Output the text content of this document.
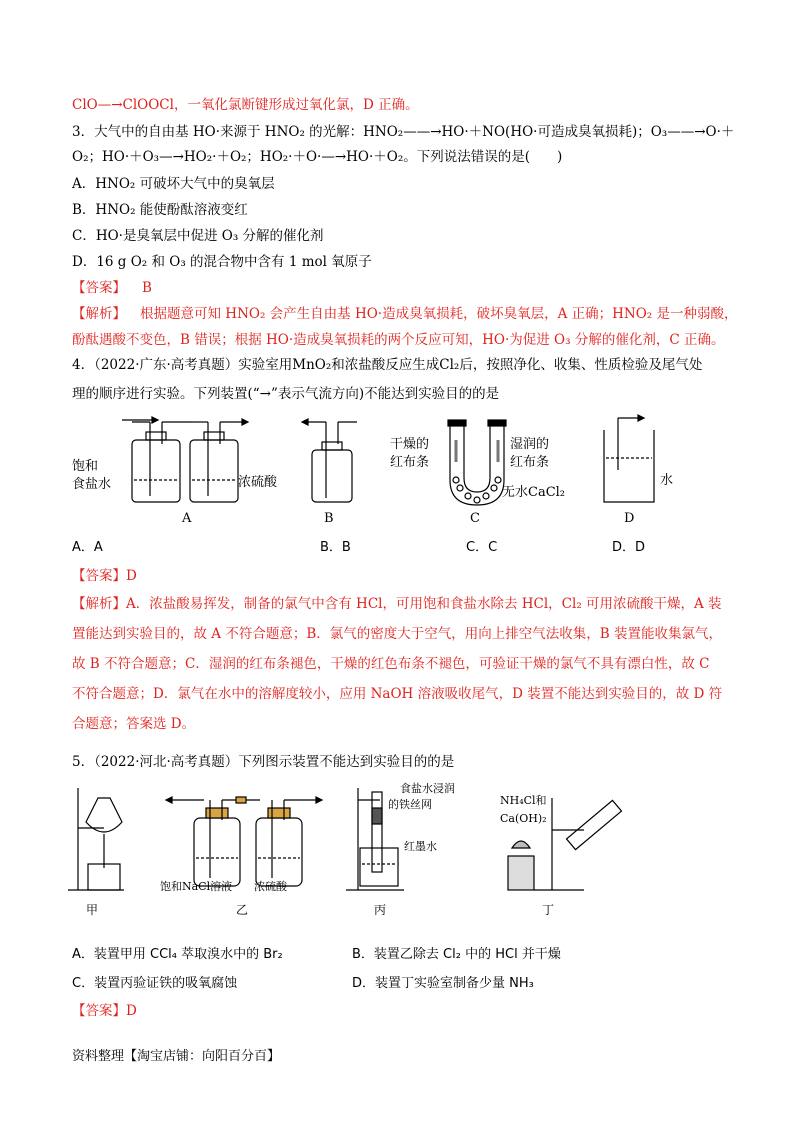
ClO—→ClOOCl，一氧化氯断键形成过氧化氯，D 正确。
3．大气中的自由基 HO·来源于 HNO₂ 的光解：HNO₂——→HO·＋NO(HO·可造成臭氧损耗)；O₃——→O·＋
O₂；HO·＋O₃—→HO₂·＋O₂；HO₂·＋O·—→HO·＋O₂。下列说法错误的是(　　)
A．HNO₂ 可破坏大气中的臭氧层
B．HNO₂ 能使酚酞溶液变红
C．HO·是臭氧层中促进 O₃ 分解的催化剂
D．16 g O₂ 和 O₃ 的混合物中含有 1 mol 氧原子
【答案】 B
【解析】 根据题意可知 HNO₂ 会产生自由基 HO·造成臭氧损耗，破坏臭氧层，A 正确；HNO₂ 是一种弱酸，
酚酞遇酸不变色，B 错误；根据 HO·造成臭氧损耗的两个反应可知，HO·为促进 O₃ 分解的催化剂，C 正确。
4．（2022·广东·高考真题）实验室用MnO₂和浓盐酸反应生成Cl₂后，按照净化、收集、性质检验及尾气处
理的顺序进行实验。下列装置(“→”表示气流方向)不能达到实验目的的是
饱和
食盐水	浓硫酸
A	B
干燥的
红布条
湿润的
红布条
无水CaCl₂
C
水
D
A．A	B．B	C．C	D．D
【答案】D
【解析】A．浓盐酸易挥发，制备的氯气中含有 HCl，可用饱和食盐水除去 HCl，Cl₂ 可用浓硫酸干燥，A 装
置能达到实验目的，故 A 不符合题意；B．氯气的密度大于空气，用向上排空气法收集，B 装置能收集氯气，
故 B 不符合题意；C．湿润的红布条褪色，干燥的红色布条不褪色，可验证干燥的氯气不具有漂白性，故 C
不符合题意；D．氯气在水中的溶解度较小，应用 NaOH 溶液吸收尾气，D 装置不能达到实验目的，故 D 符
合题意；答案选 D。
5．（2022·河北·高考真题）下列图示装置不能达到实验目的的是
甲
饱和NaCl溶液 浓硫酸
乙
食盐水浸润
的铁丝网
红墨水
丙
NH₄Cl和
Ca(OH)₂
丁
A．装置甲用 CCl₄ 萃取溴水中的 Br₂	B．装置乙除去 Cl₂ 中的 HCl 并干燥
C．装置丙验证铁的吸氧腐蚀	D．装置丁实验室制备少量 NH₃
【答案】D
资料整理【淘宝店铺：向阳百分百】
